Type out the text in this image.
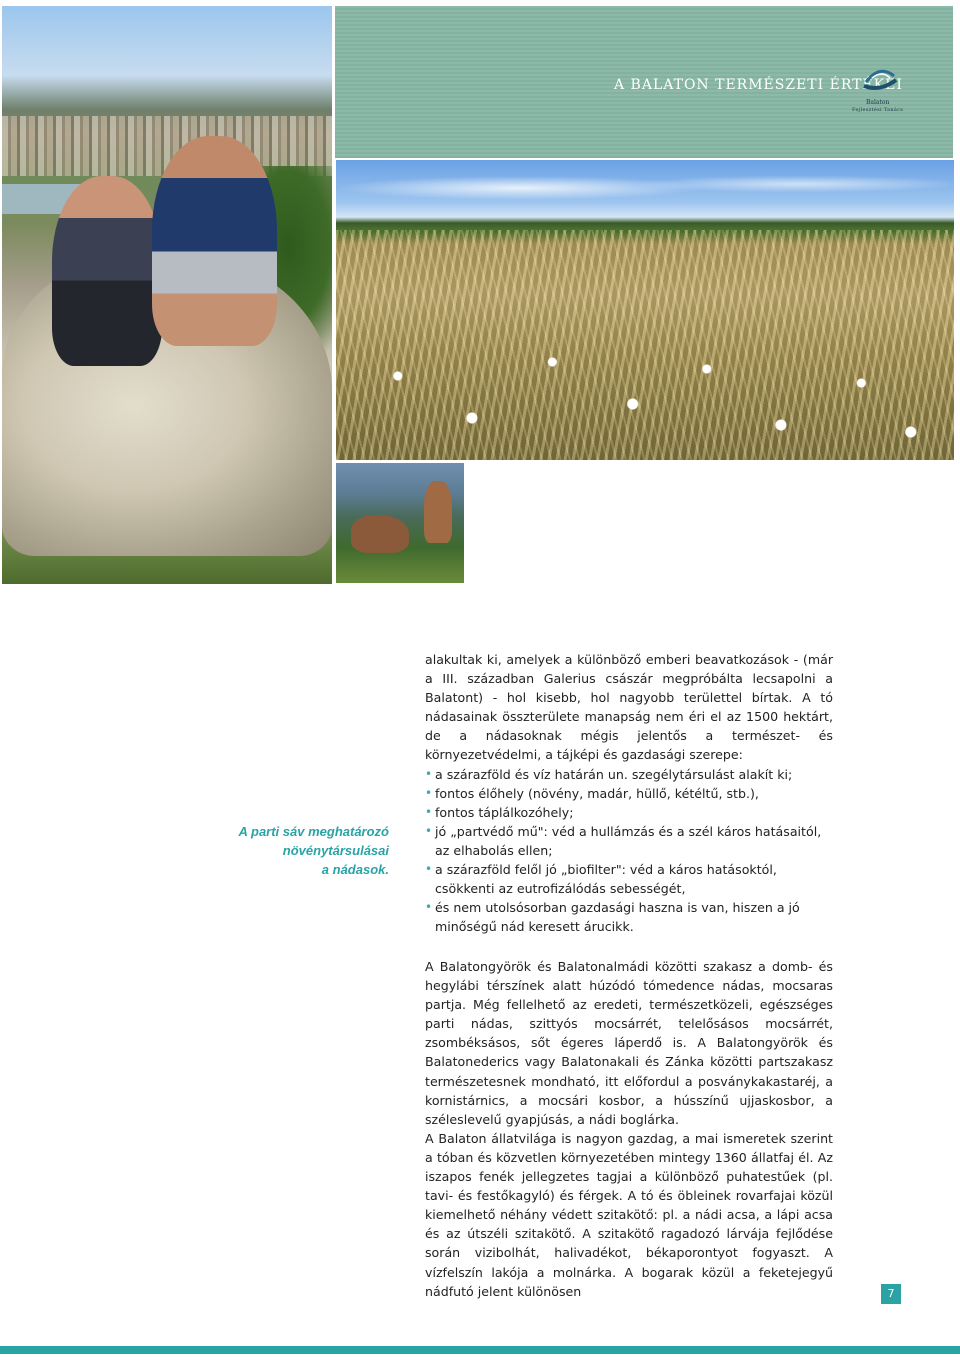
A BALATON TERMÉSZETI ÉRTÉKEI
Balaton
Fejlesztési Tanács
A parti sáv meghatározó
növénytársulásai
a nádasok.

alakultak ki, amelyek a különböző emberi beavatkozások - (már a III. században Galerius császár megpróbálta lecsapolni a Balatont) - hol kisebb, hol nagyobb területtel bírtak. A tó nádasainak összterülete manapság nem éri el az 1500 hektárt, de a nádasoknak mégis jelentős a természet- és környezetvédelmi, a tájképi és gazdasági szerepe:

• a szárazföld és víz határán un. szegélytársulást alakít ki;
• fontos élőhely (növény, madár, hüllő, kétéltű, stb.),
• fontos táplálkozóhely;
• jó „partvédő mű": véd a hullámzás és a szél káros hatásaitól, az elhabolás ellen;
• a szárazföld felől jó „biofilter": véd a káros hatásoktól, csökkenti az eutrofizálódás sebességét,
• és nem utolsósorban gazdasági haszna is van, hiszen a jó minőségű nád keresett árucikk.

A Balatongyörök és Balatonalmádi közötti szakasz a domb- és hegylábi térszínek alatt húzódó tómedence nádas, mocsaras partja. Még fellelhető az eredeti, természetközeli, egészséges parti nádas, szittyós mocsárrét, telelősásos mocsárrét, zsombéksásos, sőt égeres láperdő is. A Balatongyörök és Balatonederics vagy Balatonakali és Zánka közötti partszakasz természetesnek mondható, itt előfordul a posványkakastaréj, a kornistárnics, a mocsári kosbor, a hússzínű ujjaskosbor, a széleslevelű gyapjúsás, a nádi boglárka.

A Balaton állatvilága is nagyon gazdag, a mai ismeretek szerint a tóban és közvetlen környezetében mintegy 1360 állatfaj él. Az iszapos fenék jellegzetes tagjai a különböző puhatestűek (pl. tavi- és festőkagyló) és férgek. A tó és öbleinek rovarfajai közül kiemelhető néhány védett szitakötő: pl. a nádi acsa, a lápi acsa és az útszéli szitakötő. A szitakötő ragadozó lárvája fejlődése során vizibolhát, halivadékot, békaporontyot fogyaszt. A vízfelszín lakója a molnárka. A bogarak közül a feketejegyű nádfutó jelent különösen	7
